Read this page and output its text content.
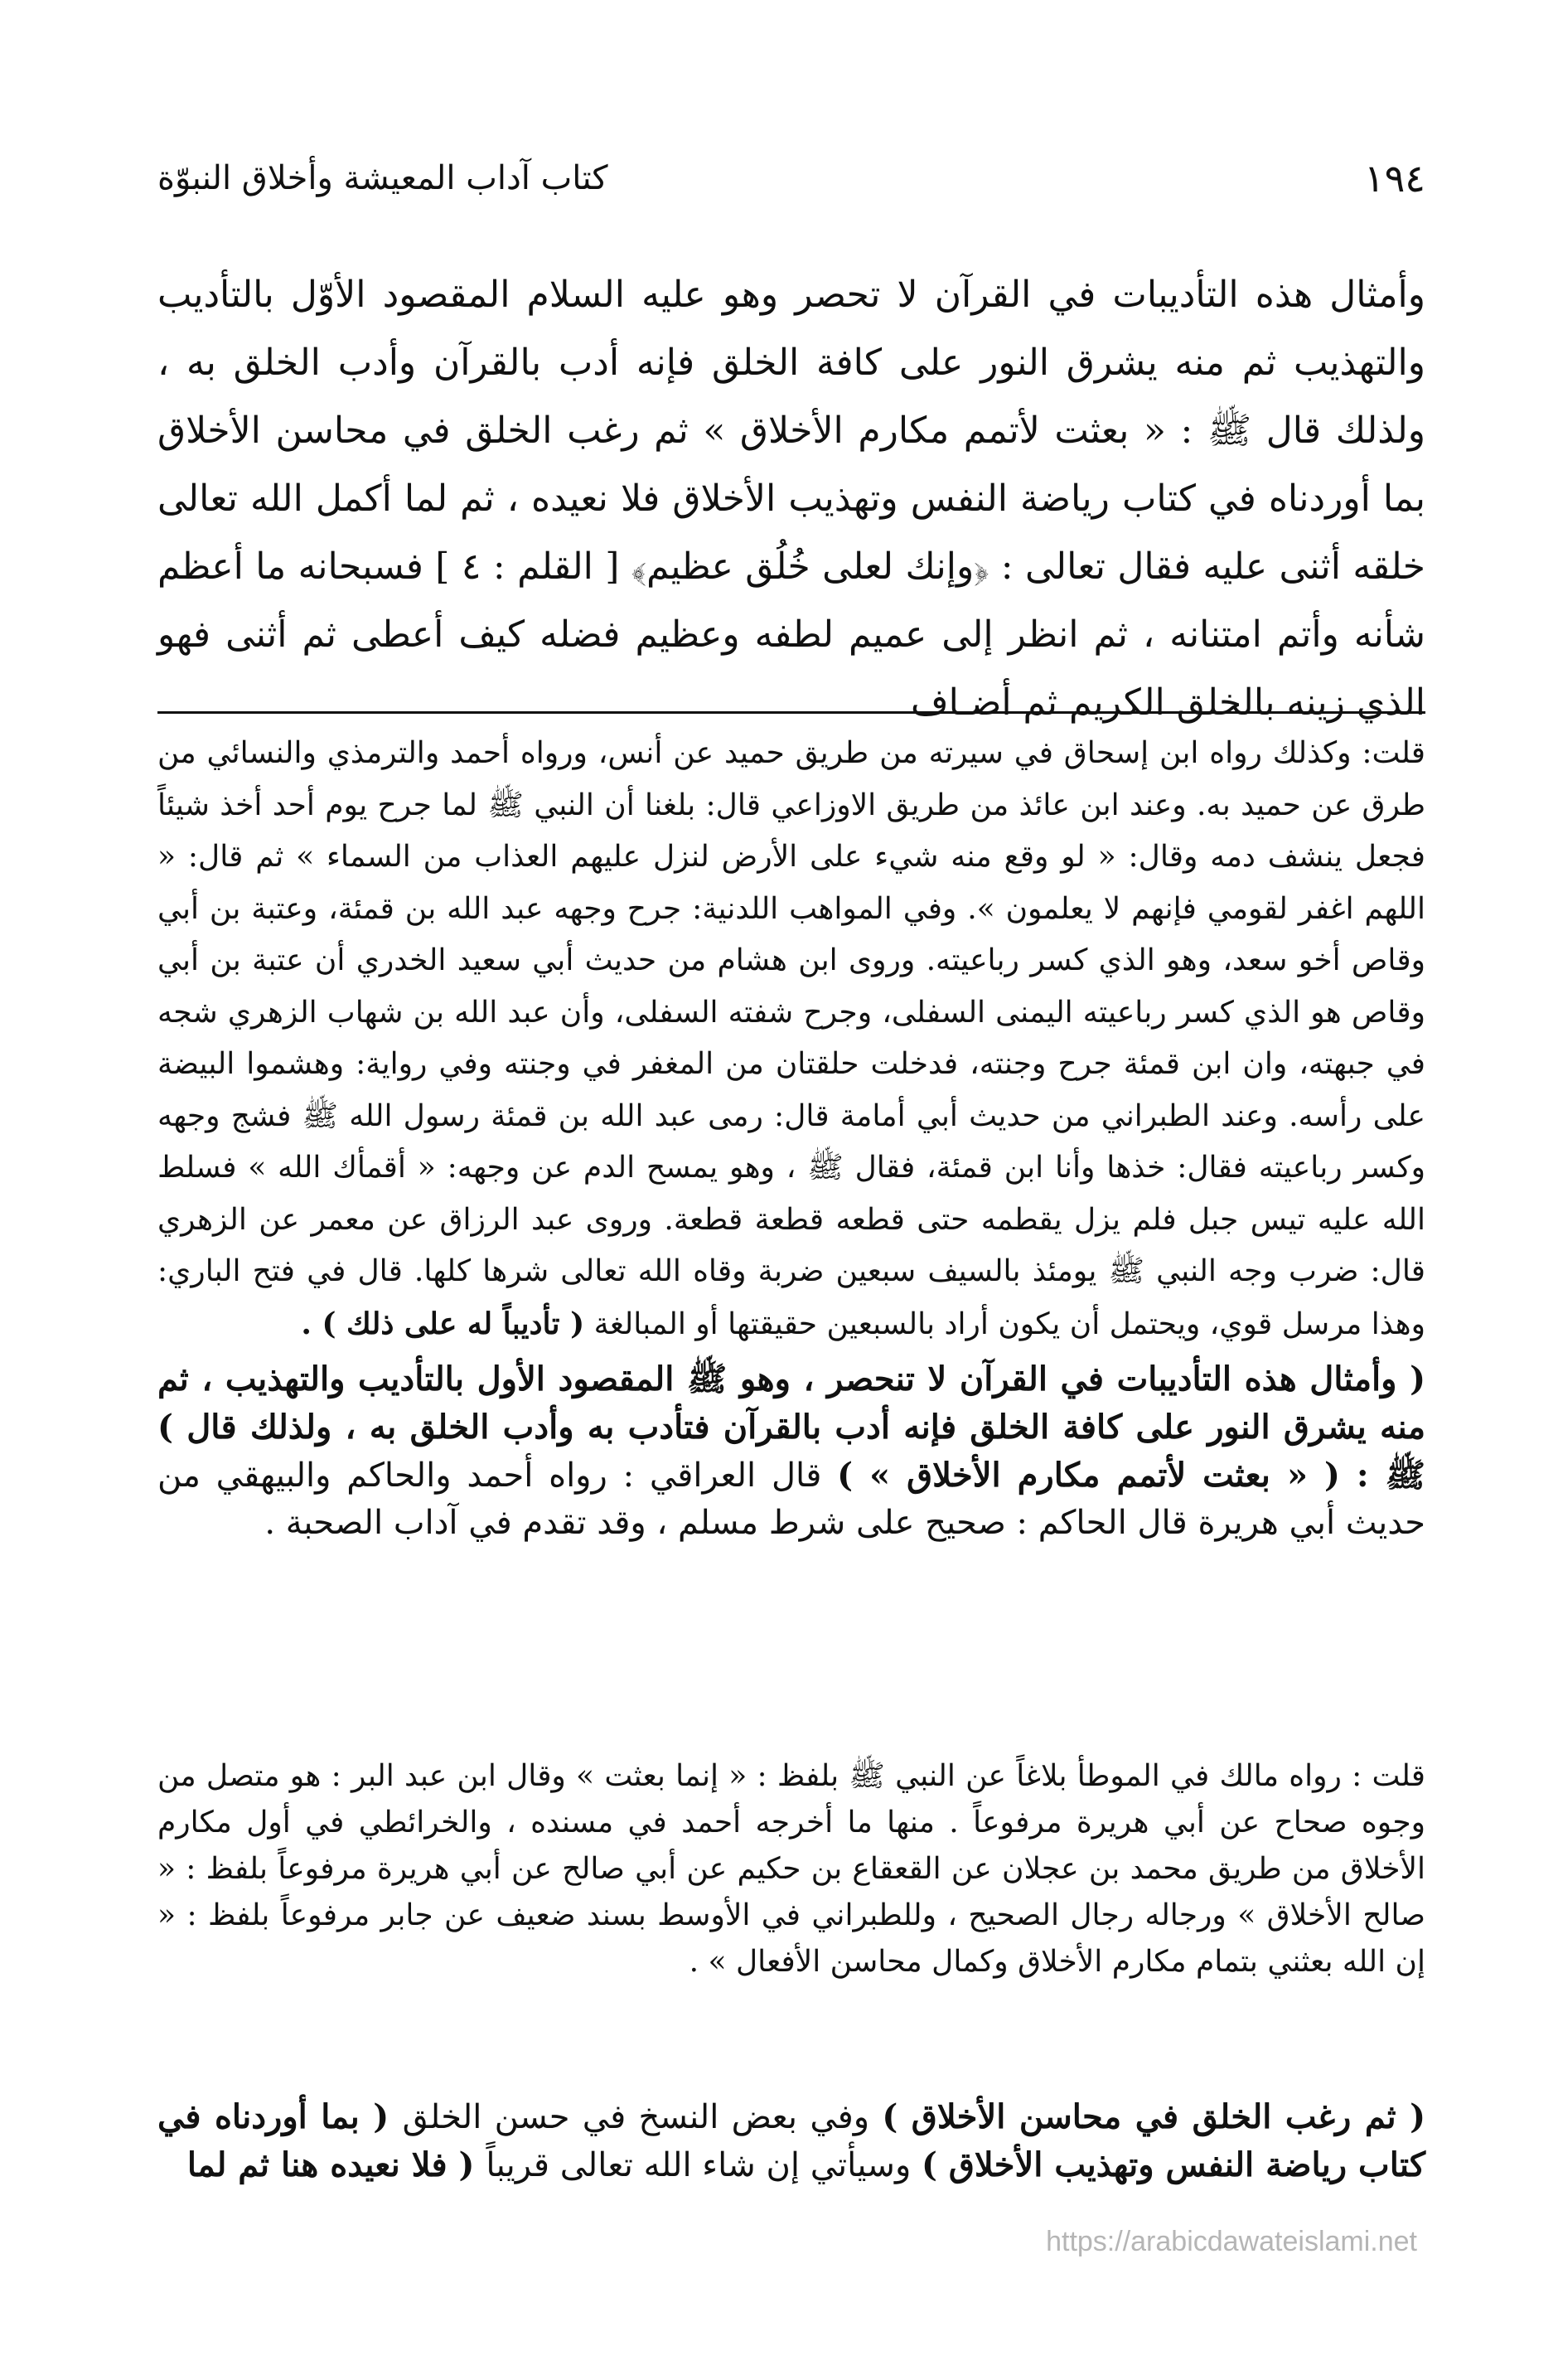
١٩٤
كتاب آداب المعيشة وأخلاق النبوّة

وأمثال هذه التأديبات في القرآن لا تحصر وهو عليه السلام المقصود الأوّل بالتأديب والتهذيب ثم منه يشرق النور على كافة الخلق فإنه أدب بالقرآن وأدب الخلق به ، ولذلك قال ﷺ : « بعثت لأتمم مكارم الأخلاق » ثم رغب الخلق في محاسن الأخلاق بما أوردناه في كتاب رياضة النفس وتهذيب الأخلاق فلا نعيده ، ثم لما أكمل الله تعالى خلقه أثنى عليه فقال تعالى : ﴿وإنك لعلى خُلُق عظيم﴾ [ القلم : ٤ ] فسبحانه ما أعظم شأنه وأتم امتنانه ، ثم انظر إلى عميم لطفه وعظيم فضله كيف أعطى ثم أثنى فهو الذي زينه بالخلق الكريم ثم أضـاف

قلت: وكذلك رواه ابن إسحاق في سيرته من طريق حميد عن أنس، ورواه أحمد والترمذي والنسائي من طرق عن حميد به. وعند ابن عائذ من طريق الاوزاعي قال: بلغنا أن النبي ﷺ لما جرح يوم أحد أخذ شيئاً فجعل ينشف دمه وقال: « لو وقع منه شيء على الأرض لنزل عليهم العذاب من السماء » ثم قال: « اللهم اغفر لقومي فإنهم لا يعلمون ». وفي المواهب اللدنية: جرح وجهه عبد الله بن قمئة، وعتبة بن أبي وقاص أخو سعد، وهو الذي كسر رباعيته. وروى ابن هشام من حديث أبي سعيد الخدري أن عتبة بن أبي وقاص هو الذي كسر رباعيته اليمنى السفلى، وجرح شفته السفلى، وأن عبد الله بن شهاب الزهري شجه في جبهته، وان ابن قمئة جرح وجنته، فدخلت حلقتان من المغفر في وجنته وفي رواية: وهشموا البيضة على رأسه. وعند الطبراني من حديث أبي أمامة قال: رمى عبد الله بن قمئة رسول الله ﷺ فشج وجهه وكسر رباعيته فقال: خذها وأنا ابن قمئة، فقال ﷺ ، وهو يمسح الدم عن وجهه: « أقمأك الله » فسلط الله عليه تيس جبل فلم يزل يقطمه حتى قطعه قطعة قطعة. وروى عبد الرزاق عن معمر عن الزهري قال: ضرب وجه النبي ﷺ يومئذ بالسيف سبعين ضربة وقاه الله تعالى شرها كلها. قال في فتح الباري: وهذا مرسل قوي، ويحتمل أن يكون أراد بالسبعين حقيقتها أو المبالغة ( تأديباً له على ذلك ) .

( وأمثال هذه التأديبات في القرآن لا تنحصر ، وهو ﷺ المقصود الأول بالتأديب والتهذيب ، ثم منه يشرق النور على كافة الخلق فإنه أدب بالقرآن فتأدب به وأدب الخلق به ، ولذلك قال ) ﷺ : ( « بعثت لأتمم مكارم الأخلاق » ) قال العراقي : رواه أحمد والحاكم والبيهقي من حديث أبي هريرة قال الحاكم : صحيح على شرط مسلم ، وقد تقدم في آداب الصحبة .

قلت : رواه مالك في الموطأ بلاغاً عن النبي ﷺ بلفظ : « إنما بعثت » وقال ابن عبد البر : هو متصل من وجوه صحاح عن أبي هريرة مرفوعاً . منها ما أخرجه أحمد في مسنده ، والخرائطي في أول مكارم الأخلاق من طريق محمد بن عجلان عن القعقاع بن حكيم عن أبي صالح عن أبي هريرة مرفوعاً بلفظ : « صالح الأخلاق » ورجاله رجال الصحيح ، وللطبراني في الأوسط بسند ضعيف عن جابر مرفوعاً بلفظ : « إن الله بعثني بتمام مكارم الأخلاق وكمال محاسن الأفعال » .

( ثم رغب الخلق في محاسن الأخلاق ) وفي بعض النسخ في حسن الخلق ( بما أوردناه في كتاب رياضة النفس وتهذيب الأخلاق ) وسيأتي إن شاء الله تعالى قريباً ( فلا نعيده هنا ثم لما

https://arabicdawateislami.net
